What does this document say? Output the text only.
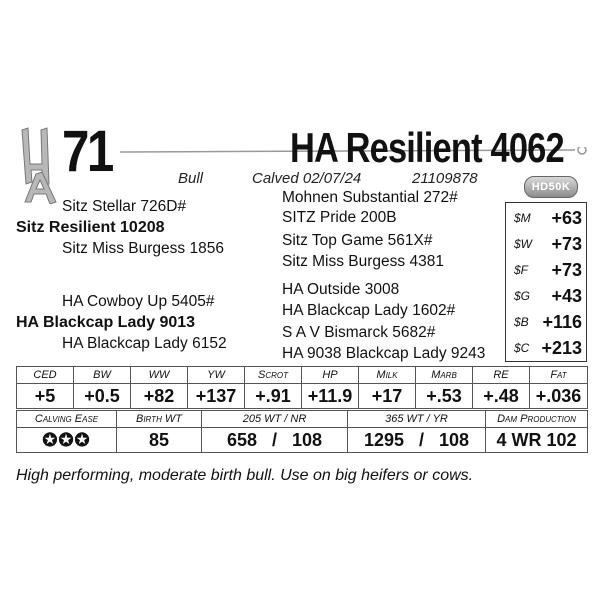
71	HA Resilient 4062
Bull	Calved 02/07/24	21109878	HD50K
Sitz Stellar 726D#
Sitz Resilient 10208
Sitz Miss Burgess 1856
HA Cowboy Up 5405#
HA Blackcap Lady 9013
HA Blackcap Lady 6152
Mohnen Substantial 272#
SITZ Pride 200B
Sitz Top Game 561X#
Sitz Miss Burgess 4381
HA Outside 3008
HA Blackcap Lady 1602#
S A V Bismarck 5682#
HA 9038 Blackcap Lady 9243
$M +63
$W +73
$F +73
$G +43
$B +116
$C +213
CED	BW	WW	YW	Scrot	HP	Milk	Marb	RE	Fat
+5	+0.5	+82	+137	+.91	+11.9	+17	+.53	+.48	+.036
Calving Ease	Birth WT	205 WT / NR	365 WT / YR	Dam Production
✪✪✪	85	658   /   108	1295   /   108	4 WR 102
High performing, moderate birth bull. Use on big heifers or cows.
